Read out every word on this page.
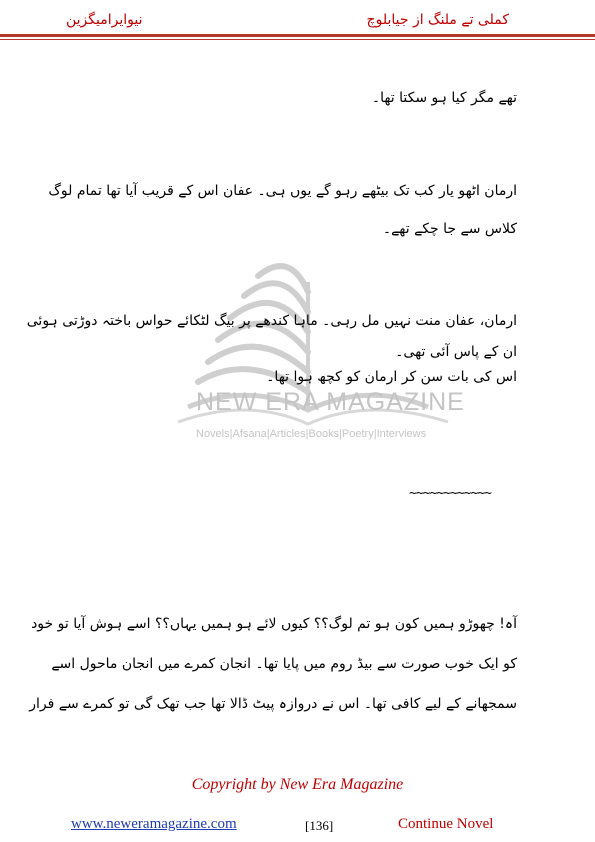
نیوایرامیگزین	کملی تے ملنگ از جیابلوچ
NEW ERA MAGAZINE
Novels|Afsana|Articles|Books|Poetry|Interviews

تھے مگر کیا ہو سکتا تھا۔

ارمان اٹھو یار کب تک بیٹھے رہو گے یوں ہی۔ عفان اس کے قریب آیا تھا تمام لوگ
کلاس سے جا چکے تھے۔

ارمان، عفان منت نہیں مل رہی۔ ماہا کندھے پر بیگ لٹکائے حواس باختہ دوڑتی ہوئی
ان کے پاس آئی تھی۔
اس کی بات سن کر ارمان کو کچھ ہوا تھا۔

~~~~~~~~~~~~

آہ! چھوڑو ہمیں کون ہو تم لوگ؟؟ کیوں لائے ہو ہمیں یہاں؟؟ اسے ہوش آیا تو خود
کو ایک خوب صورت سے بیڈ روم میں پایا تھا۔ انجان کمرے میں انجان ماحول اسے
سمجھانے کے لیے کافی تھا۔ اس نے دروازہ پیٹ ڈالا تھا جب تھک گی تو کمرے سے فرار

Copyright by New Era Magazine
www.neweramagazine.com	[136]	Continue Novel
